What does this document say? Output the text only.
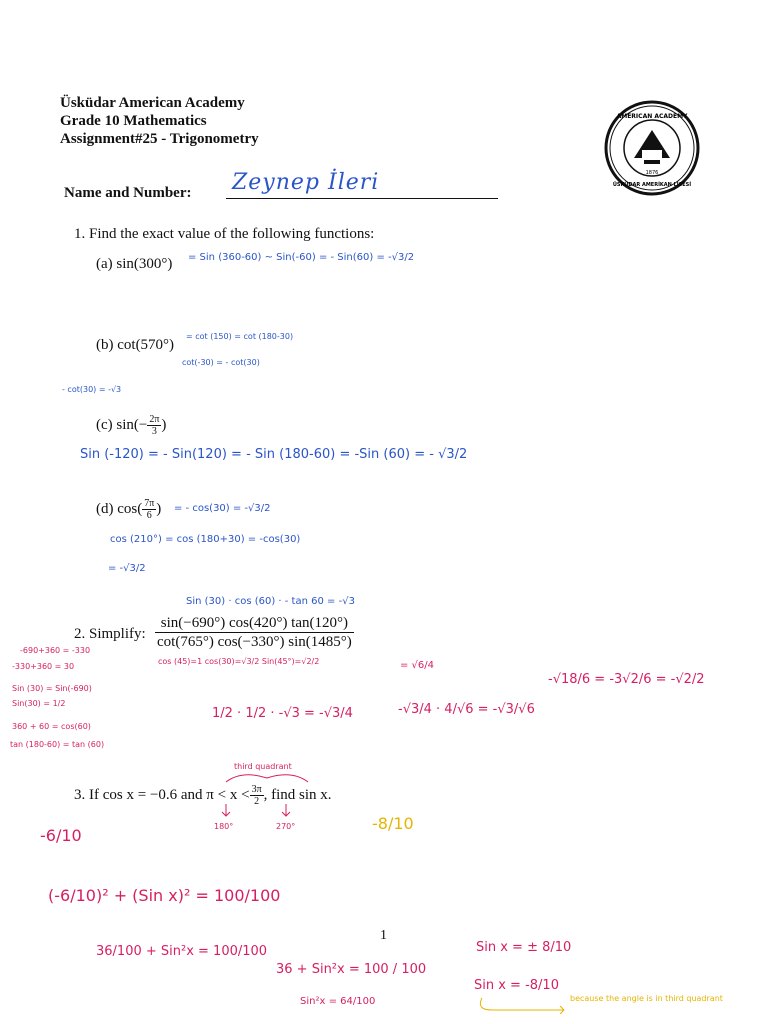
Üsküdar American Academy
Grade 10 Mathematics
Assignment#25 - Trigonometry
AMERICAN ACADEMY
ÜSKÜDAR AMERİKAN LİSESİ
1876
Name and Number: Zeynep İleri
1. Find the exact value of the following functions:
(a) sin(300°) = Sin (360-60) ~ Sin(-60) = - Sin(60) = -√3/2
(b) cot(570°)
= cot (150) = cot (180-30)
cot(-30) = - cot(30)
- cot(30) = -√3
(c) $\sin(- \frac{2\pi}{3}$ )
Sin (-120) = - Sin(120) = - Sin (180-60) = -Sin (60) = - √3/2
(d) $\cos( \frac{7\pi}{6}$ ) = - cos(30) = -√3/2
cos (210°) = cos (180+30) = -cos(30)
= -√3/2
Sin (30) · cos (60) · - tan 60 = -√3
2. Simplify: $\frac{\sin(-690^\circ) \cos(420^\circ) \tan(120^\circ)}{\cot(765^\circ) \cos(-330^\circ) \sin(1485^\circ)}$
cos (45)=1 cos(30)=√3/2 Sin(45°)=√2/2
-690+360 = -330
-330+360 = 30
Sin (30) = Sin(-690)
Sin(30) = 1/2
360 + 60 = cos(60)
tan (180-60) = tan (60)
1/2 · 1/2 · -√3 = -√3/4
= √6/4
-√3/4 · 4/√6 = -√3/√6
-√18/6 = -3√2/6 = -√2/2
third quadrant
3. If cos x = −0.6 and $\pi < x < \frac{3\pi}{2}$ , find sin x.
180°	270°
-6/10
-8/10
(-6/10)² + (Sin x)² = 100/100
36/100 + Sin²x = 100/100
36 + Sin²x = 100 / 100
Sin²x = 64/100
Sin x = ± 8/10
Sin x = -8/10
because the angle is in third quadrant
1
